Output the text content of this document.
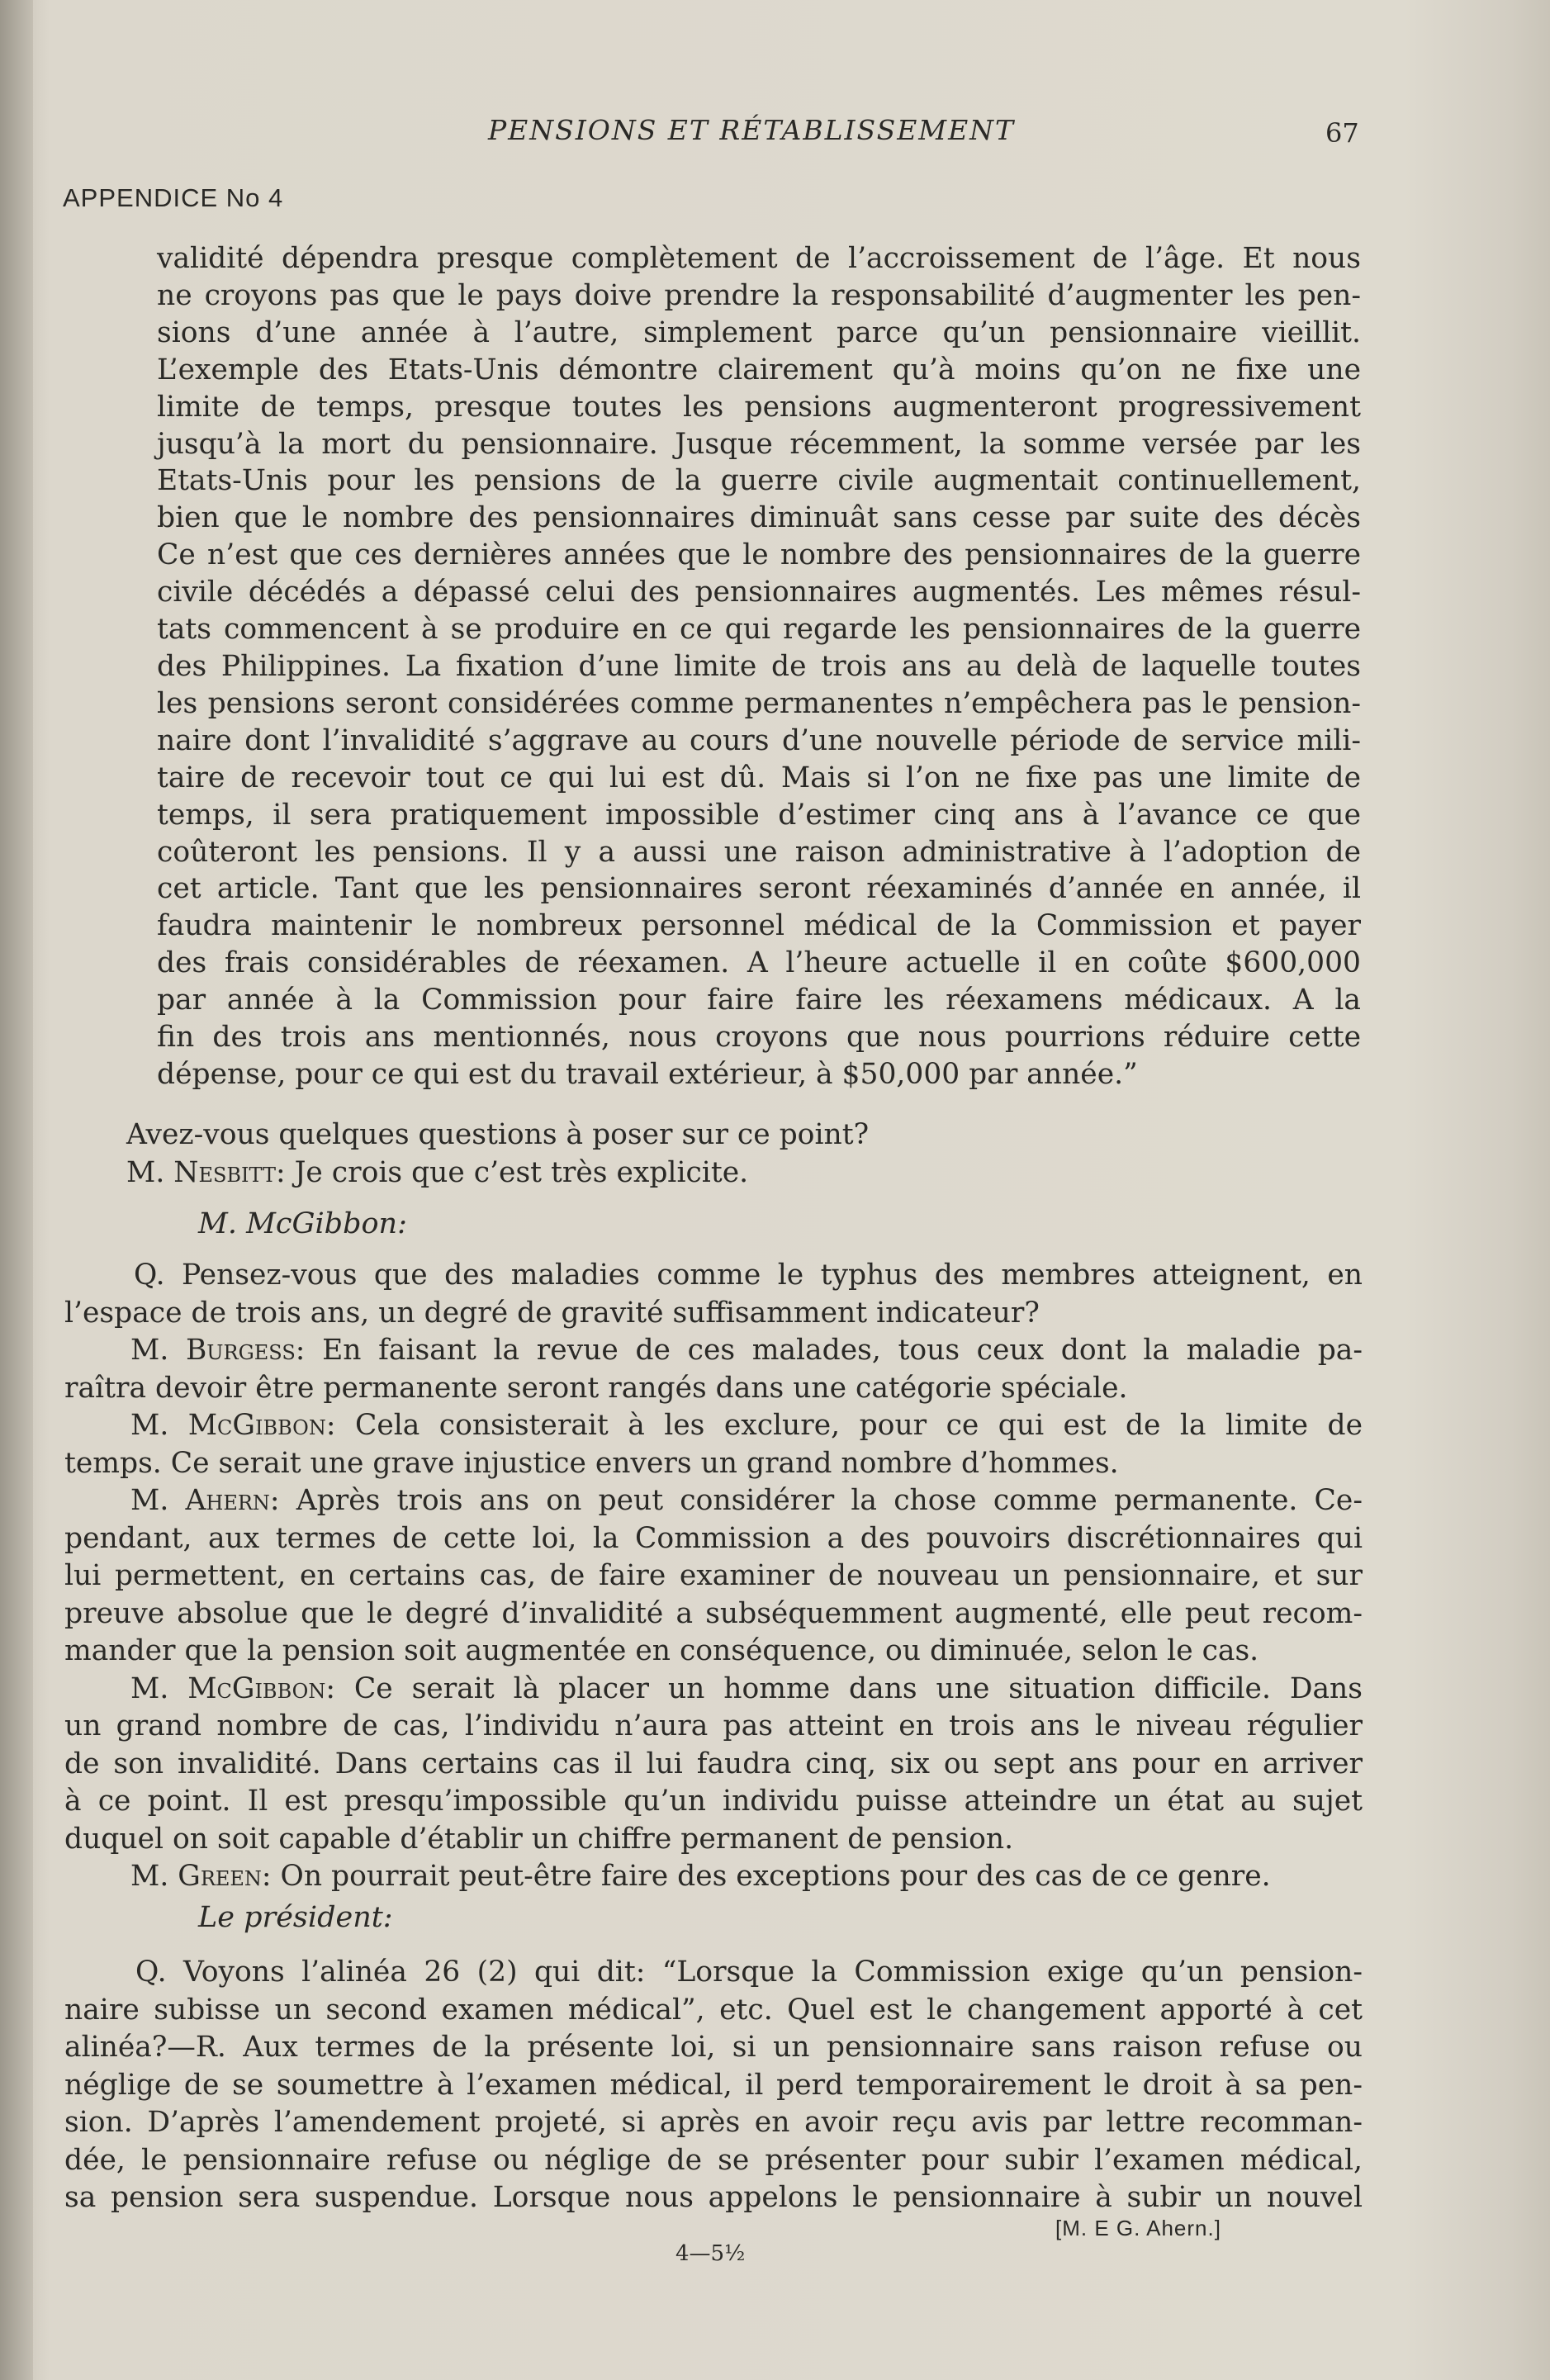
PENSIONS ET RÉTABLISSEMENT	67
APPENDICE No 4
validité dépendra presque complètement de l’accroissement de l’âge. Et nous
ne croyons pas que le pays doive prendre la responsabilité d’augmenter les pen-
sions d’une année à l’autre, simplement parce qu’un pensionnaire vieillit.
L’exemple des Etats-Unis démontre clairement qu’à moins qu’on ne fixe une
limite de temps, presque toutes les pensions augmenteront progressivement
jusqu’à la mort du pensionnaire. Jusque récemment, la somme versée par les
Etats-Unis pour les pensions de la guerre civile augmentait continuellement,
bien que le nombre des pensionnaires diminuât sans cesse par suite des décès
Ce n’est que ces dernières années que le nombre des pensionnaires de la guerre
civile décédés a dépassé celui des pensionnaires augmentés. Les mêmes résul-
tats commencent à se produire en ce qui regarde les pensionnaires de la guerre
des Philippines. La fixation d’une limite de trois ans au delà de laquelle toutes
les pensions seront considérées comme permanentes n’empêchera pas le pension-
naire dont l’invalidité s’aggrave au cours d’une nouvelle période de service mili-
taire de recevoir tout ce qui lui est dû. Mais si l’on ne fixe pas une limite de
temps, il sera pratiquement impossible d’estimer cinq ans à l’avance ce que
coûteront les pensions. Il y a aussi une raison administrative à l’adoption de
cet article. Tant que les pensionnaires seront réexaminés d’année en année, il
faudra maintenir le nombreux personnel médical de la Commission et payer
des frais considérables de réexamen. A l’heure actuelle il en coûte $600,000
par année à la Commission pour faire faire les réexamens médicaux. A la
fin des trois ans mentionnés, nous croyons que nous pourrions réduire cette
dépense, pour ce qui est du travail extérieur, à $50,000 par année.”
Avez-vous quelques questions à poser sur ce point?
M. Nesbitt: Je crois que c’est très explicite.
M. McGibbon:
Q. Pensez-vous que des maladies comme le typhus des membres atteignent, en
l’espace de trois ans, un degré de gravité suffisamment indicateur?
M. Burgess: En faisant la revue de ces malades, tous ceux dont la maladie pa-
raîtra devoir être permanente seront rangés dans une catégorie spéciale.
M. McGibbon: Cela consisterait à les exclure, pour ce qui est de la limite de
temps. Ce serait une grave injustice envers un grand nombre d’hommes.
M. Ahern: Après trois ans on peut considérer la chose comme permanente. Ce-
pendant, aux termes de cette loi, la Commission a des pouvoirs discrétionnaires qui
lui permettent, en certains cas, de faire examiner de nouveau un pensionnaire, et sur
preuve absolue que le degré d’invalidité a subséquemment augmenté, elle peut recom-
mander que la pension soit augmentée en conséquence, ou diminuée, selon le cas.
M. McGibbon: Ce serait là placer un homme dans une situation difficile. Dans
un grand nombre de cas, l’individu n’aura pas atteint en trois ans le niveau régulier
de son invalidité. Dans certains cas il lui faudra cinq, six ou sept ans pour en arriver
à ce point. Il est presqu’impossible qu’un individu puisse atteindre un état au sujet
duquel on soit capable d’établir un chiffre permanent de pension.
M. Green: On pourrait peut-être faire des exceptions pour des cas de ce genre.
Le président:
Q. Voyons l’alinéa 26 (2) qui dit: “Lorsque la Commission exige qu’un pension-
naire subisse un second examen médical”, etc. Quel est le changement apporté à cet
alinéa?—R. Aux termes de la présente loi, si un pensionnaire sans raison refuse ou
néglige de se soumettre à l’examen médical, il perd temporairement le droit à sa pen-
sion. D’après l’amendement projeté, si après en avoir reçu avis par lettre recomman-
dée, le pensionnaire refuse ou néglige de se présenter pour subir l’examen médical,
sa pension sera suspendue. Lorsque nous appelons le pensionnaire à subir un nouvel
[M. E G. Ahern.]
4—5½
